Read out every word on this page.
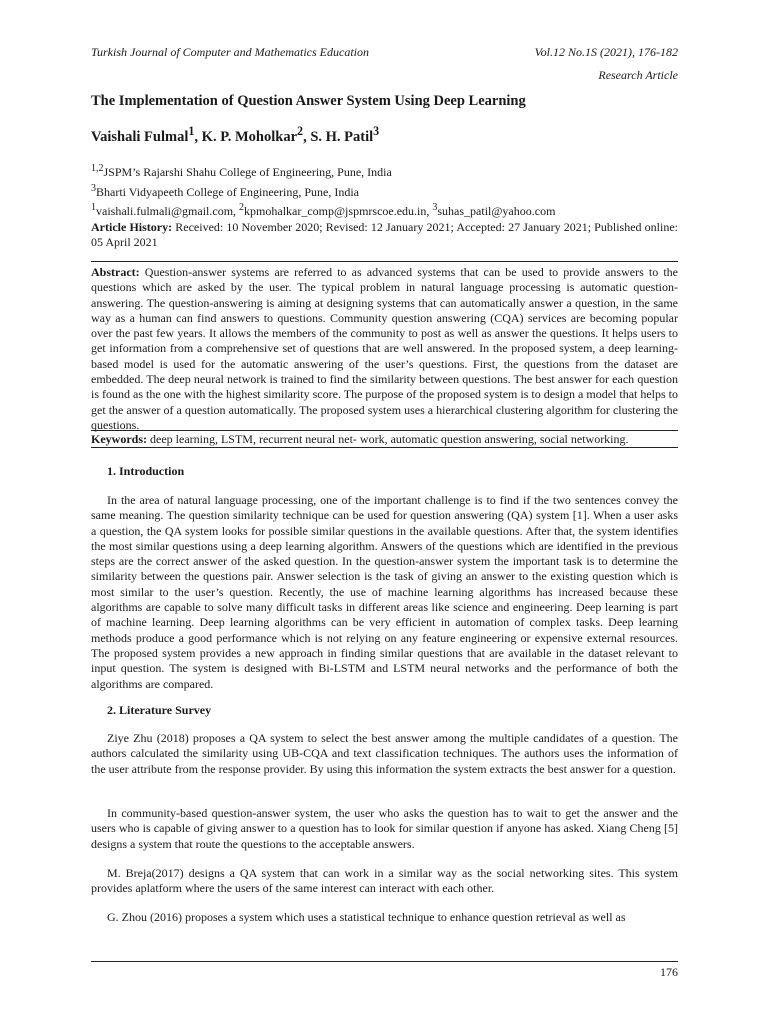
Turkish Journal of Computer and Mathematics Education	Vol.12 No.1S (2021), 176-182
Research Article
The Implementation of Question Answer System Using Deep Learning
Vaishali Fulmal$^1$, K. P. Moholkar$^2$, S. H. Patil$^3$
$^{1,2}$JSPM’s Rajarshi Shahu College of Engineering, Pune, India
$^3$Bharti Vidyapeeth College of Engineering, Pune, India
$^1$vaishali.fulmali@gmail.com, $^2$kpmohalkar_comp@jspmrscoe.edu.in, $^3$suhas_patil@yahoo.com
Article History: Received: 10 November 2020; Revised: 12 January 2021; Accepted: 27 January 2021; Published online: 05 April 2021
Abstract: Question-answer systems are referred to as advanced systems that can be used to provide answers to the questions which are asked by the user. The typical problem in natural language processing is automatic question-answering. The question-answering is aiming at designing systems that can automatically answer a question, in the same way as a human can find answers to questions. Community question answering (CQA) services are becoming popular over the past few years. It allows the members of the community to post as well as answer the questions. It helps users to get information from a comprehensive set of questions that are well answered. In the proposed system, a deep learning-based model is used for the automatic answering of the user’s questions. First, the questions from the dataset are embedded. The deep neural network is trained to find the similarity between questions. The best answer for each question is found as the one with the highest similarity score. The purpose of the proposed system is to design a model that helps to get the answer of a question automatically. The proposed system uses a hierarchical clustering algorithm for clustering the questions.
Keywords: deep learning, LSTM, recurrent neural net- work, automatic question answering, social networking.
1. Introduction
In the area of natural language processing, one of the important challenge is to find if the two sentences convey the same meaning. The question similarity technique can be used for question answering (QA) system [1]. When a user asks a question, the QA system looks for possible similar questions in the available questions. After that, the system identifies the most similar questions using a deep learning algorithm. Answers of the questions which are identified in the previous steps are the correct answer of the asked question. In the question-answer system the important task is to determine the similarity between the questions pair. Answer selection is the task of giving an answer to the existing question which is most similar to the user’s question. Recently, the use of machine learning algorithms has increased because these algorithms are capable to solve many difficult tasks in different areas like science and engineering. Deep learning is part of machine learning. Deep learning algorithms can be very efficient in automation of complex tasks. Deep learning methods produce a good performance which is not relying on any feature engineering or expensive external resources. The proposed system provides a new approach in finding similar questions that are available in the dataset relevant to input question. The system is designed with Bi-LSTM and LSTM neural networks and the performance of both the algorithms are compared.
2. Literature Survey
Ziye Zhu (2018) proposes a QA system to select the best answer among the multiple candidates of a question. The authors calculated the similarity using UB-CQA and text classification techniques. The authors uses the information of the user attribute from the response provider. By using this information the system extracts the best answer for a question.
In community-based question-answer system, the user who asks the question has to wait to get the answer and the users who is capable of giving answer to a question has to look for similar question if anyone has asked. Xiang Cheng [5] designs a system that route the questions to the acceptable answers.
M. Breja(2017) designs a QA system that can work in a similar way as the social networking sites. This system provides aplatform where the users of the same interest can interact with each other.
G. Zhou (2016) proposes a system which uses a statistical technique to enhance question retrieval as well as
176
